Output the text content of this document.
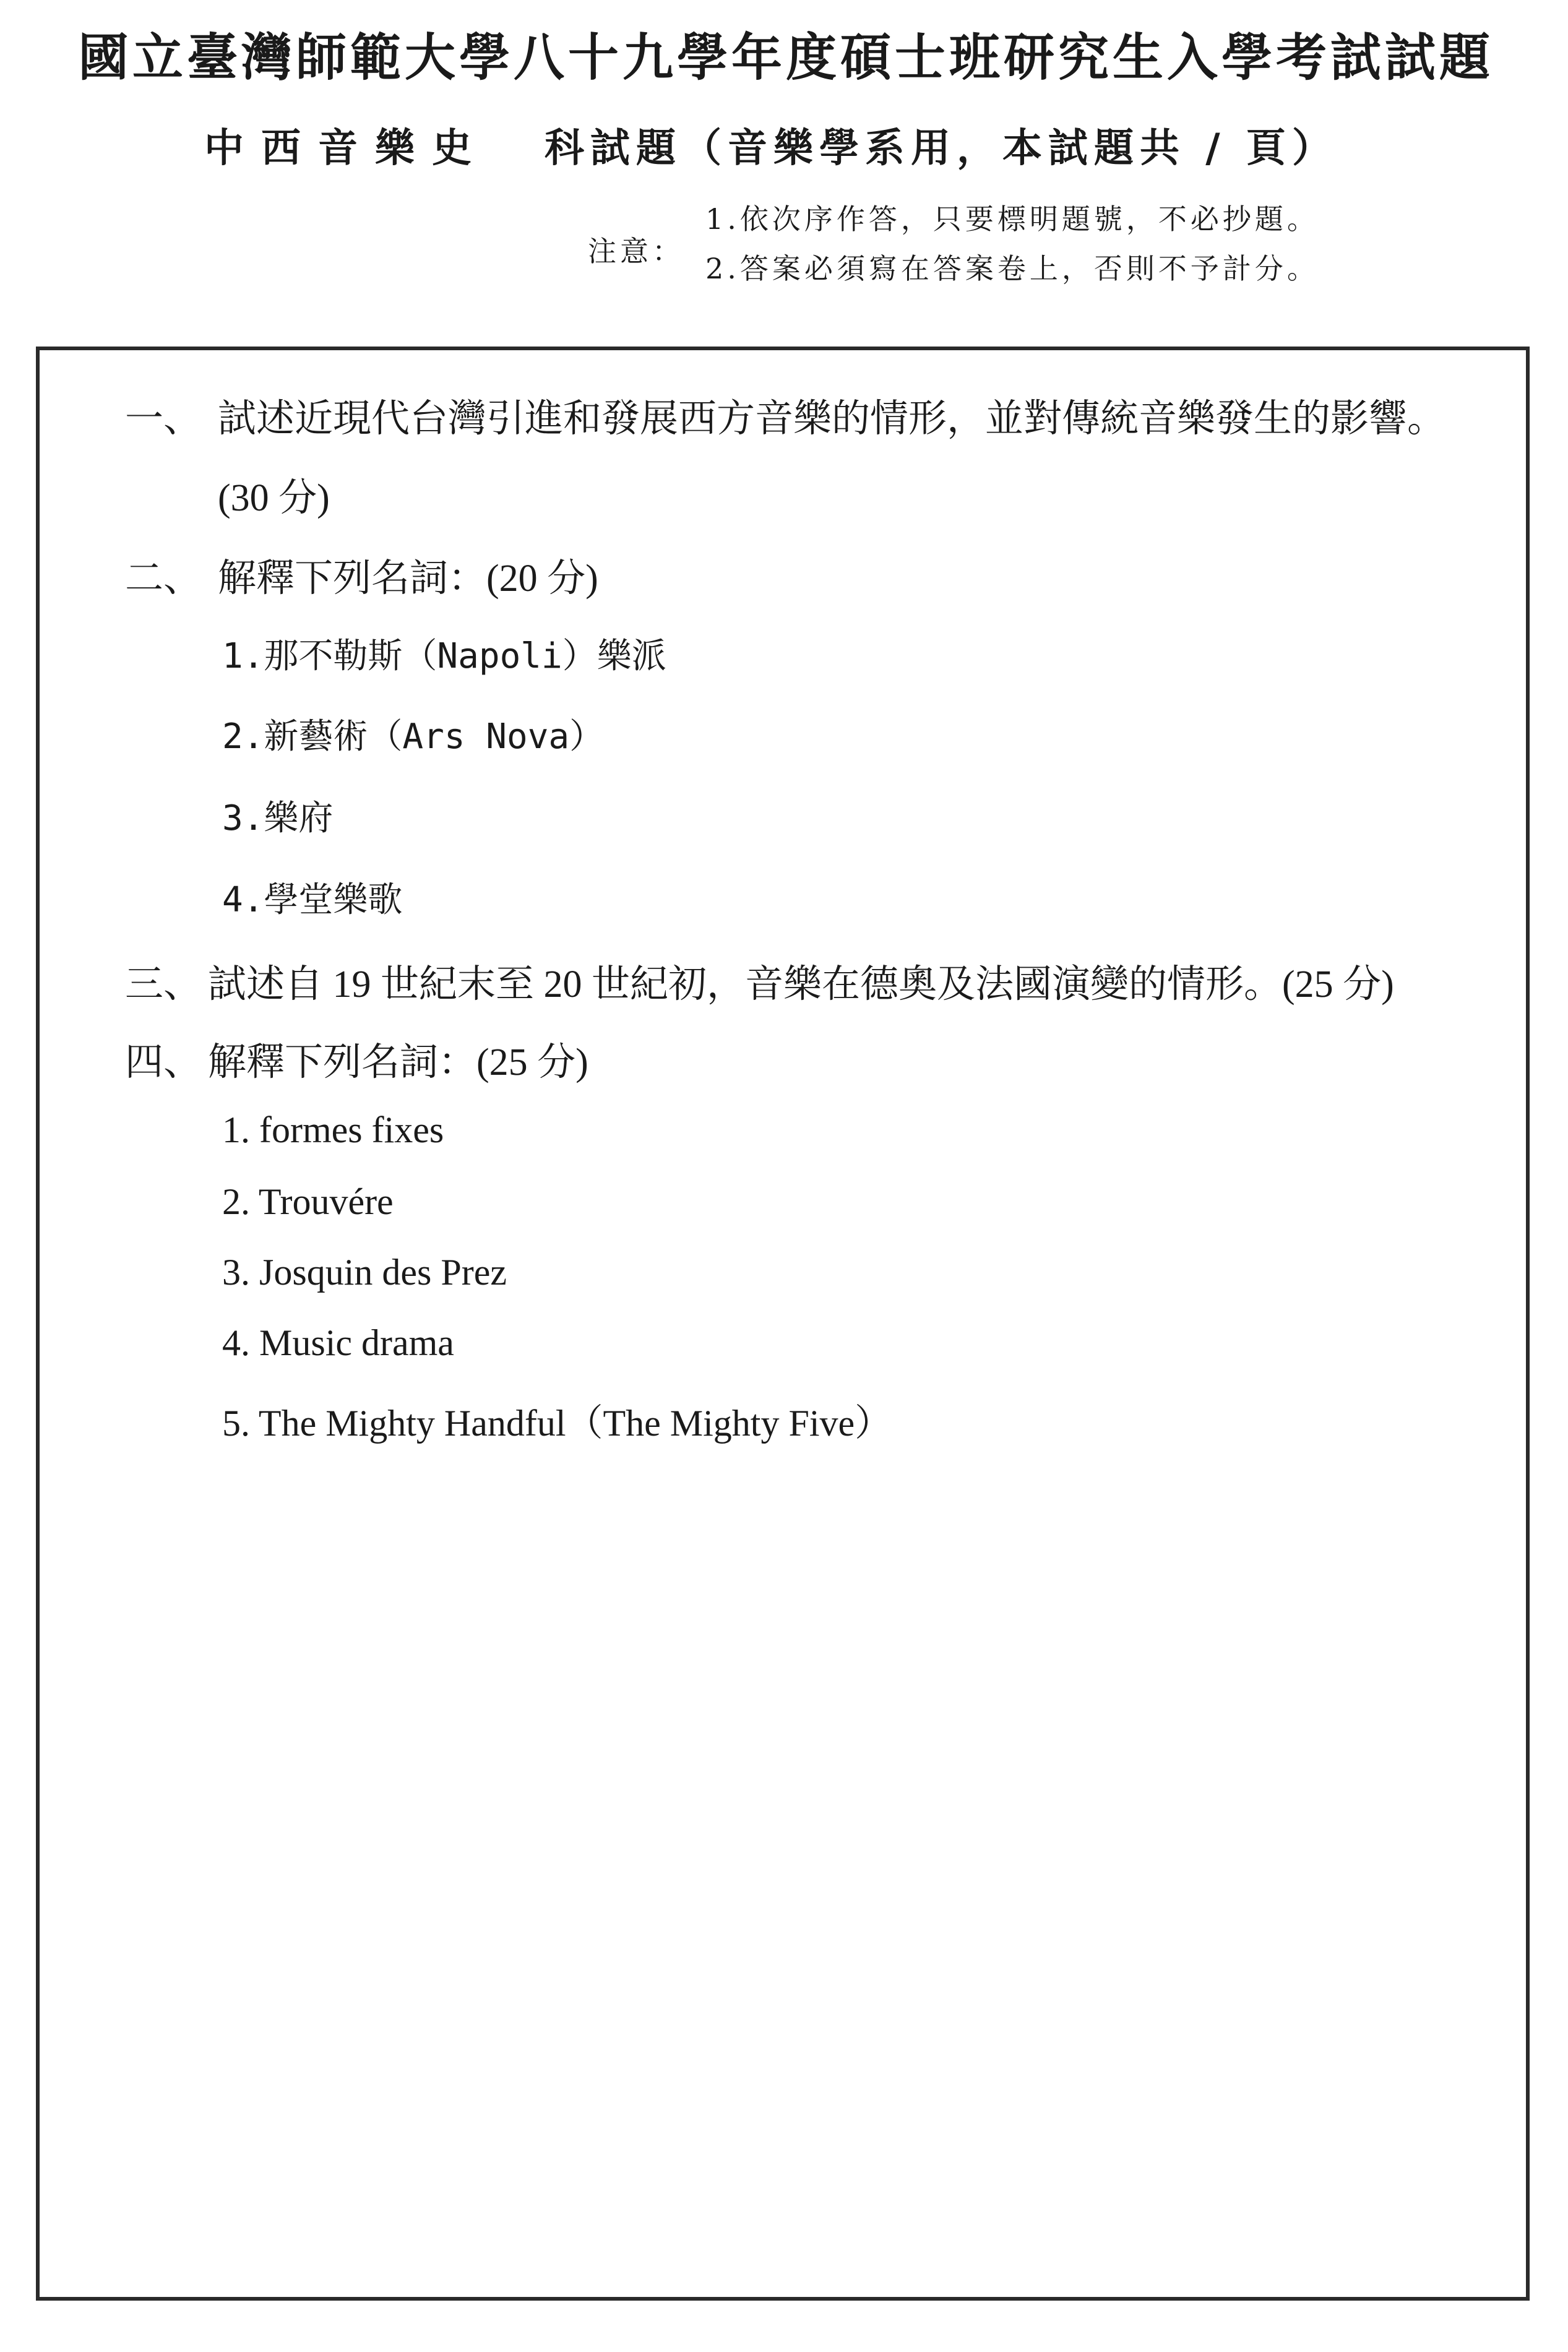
國立臺灣師範大學八十九學年度碩士班研究生入學考試試題
中西音樂史 科試題（音樂學系用，本試題共 / 頁）
注意：
1.依次序作答，只要標明題號，不必抄題。
2.答案必須寫在答案卷上，否則不予計分。
一、 試述近現代台灣引進和發展西方音樂的情形，並對傳統音樂發生的影響。
(30 分)
二、 解釋下列名詞：(20 分)
1.那不勒斯（Napoli）樂派
2.新藝術（Ars Nova）
3.樂府
4.學堂樂歌
三、 試述自 19 世紀末至 20 世紀初，音樂在德奧及法國演變的情形。(25 分)
四、 解釋下列名詞：(25 分)
1. formes fixes
2. Trouvére
3. Josquin des Prez
4. Music drama
5. The Mighty Handful（The Mighty Five）
